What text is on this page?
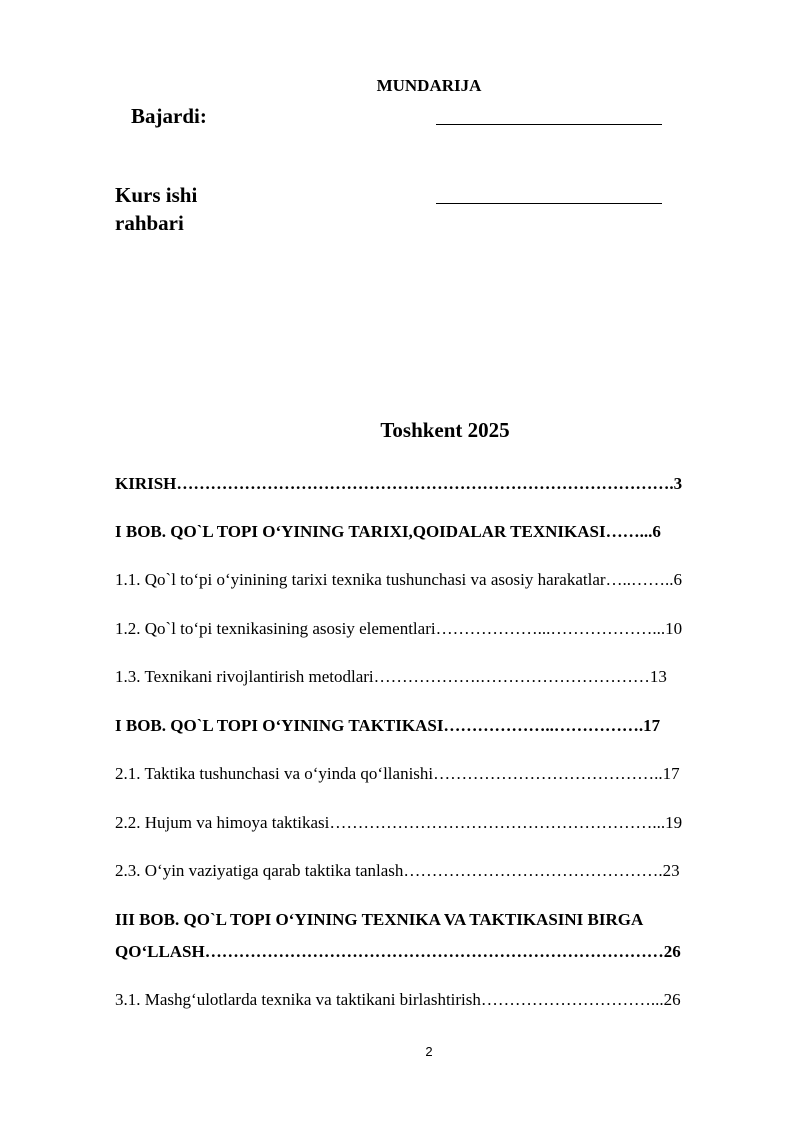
MUNDARIJA
Bajardi:
Kurs ishi
rahbari
Toshkent 2025
KIRISH…………………………………………………………………………….3
I BOB. QO`L TOPI O‘YINING TARIXI,QOIDALAR TEXNIKASI……...6
1.1. Qo`l to‘pi o‘yinining tarixi texnika tushunchasi va asosiy harakatlar…..……..6
1.2. Qo`l to‘pi texnikasining asosiy elementlari………………...………………...10
1.3. Texnikani rivojlantirish metodlari……………….…………………………13
I BOB. QO`L TOPI O‘YINING TAKTIKASI………………..…………….17
2.1. Taktika tushunchasi va o‘yinda qo‘llanishi…………………………………..17
2.2. Hujum va himoya taktikasi…………………………………………………...19
2.3. O‘yin vaziyatiga qarab taktika tanlash……………………………………….23
III BOB. QO`L TOPI O‘YINING TEXNIKA VA TAKTIKASINI BIRGA
QO‘LLASH………………………………………………………………………26
3.1. Mashg‘ulotlarda texnika va taktikani birlashtirish…………………………...26
2
